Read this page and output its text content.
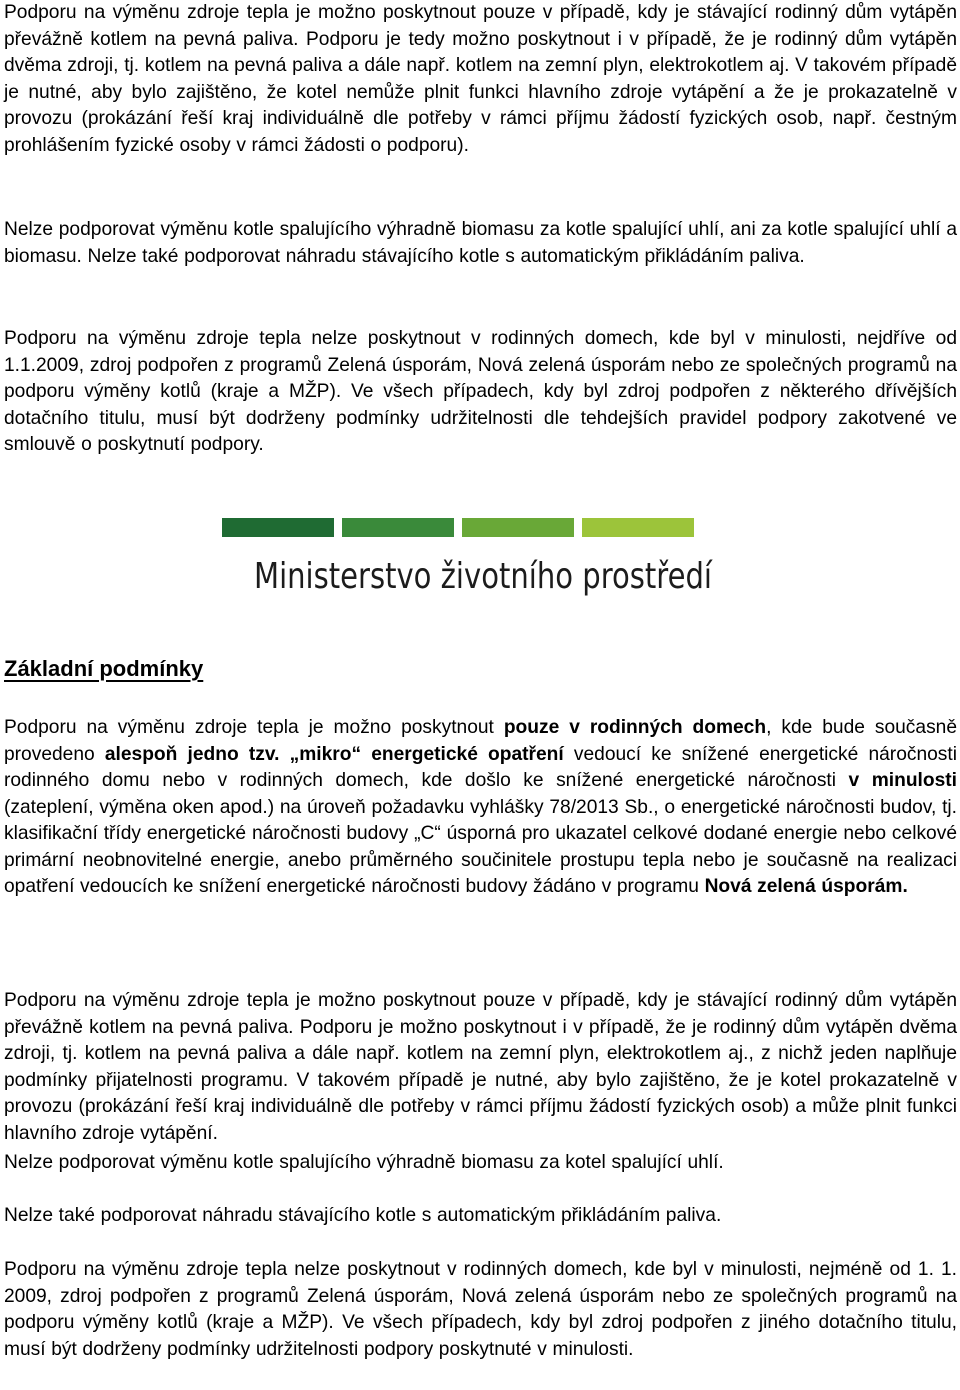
Podporu na výměnu zdroje tepla je možno poskytnout pouze v případě, kdy je stávající rodinný dům vytápěn převážně kotlem na pevná paliva. Podporu je tedy možno poskytnout i v případě, že je rodinný dům vytápěn dvěma zdroji, tj. kotlem na pevná paliva a dále např. kotlem na zemní plyn, elektrokotlem aj. V takovém případě je nutné, aby bylo zajištěno, že kotel nemůže plnit funkci hlavního zdroje vytápění a že je prokazatelně v provozu (prokázání řeší kraj individuálně dle potřeby v rámci příjmu žádostí fyzických osob, např. čestným prohlášením fyzické osoby v rámci žádosti o podporu).

Nelze podporovat výměnu kotle spalujícího výhradně biomasu za kotle spalující uhlí, ani za kotle spalující uhlí a biomasu. Nelze také podporovat náhradu stávajícího kotle s automatickým přikládáním paliva.

Podporu na výměnu zdroje tepla nelze poskytnout v rodinných domech, kde byl v minulosti, nejdříve od 1.1.2009, zdroj podpořen z programů Zelená úsporám, Nová zelená úsporám nebo ze společných programů na podporu výměny kotlů (kraje a MŽP). Ve všech případech, kdy byl zdroj podpořen z některého dřívějších dotačního titulu, musí být dodrženy podmínky udržitelnosti dle tehdejších pravidel podpory zakotvené ve smlouvě o poskytnutí podpory.

Ministerstvo životního prostředí
Základní podmínky

Podporu na výměnu zdroje tepla je možno poskytnout pouze v rodinných domech, kde bude současně provedeno alespoň jedno tzv. „mikro“ energetické opatření vedoucí ke snížené energetické náročnosti rodinného domu nebo v rodinných domech, kde došlo ke snížené energetické náročnosti v minulosti (zateplení, výměna oken apod.) na úroveň požadavku vyhlášky 78/2013 Sb., o energetické náročnosti budov, tj. klasifikační třídy energetické náročnosti budovy „C“ úsporná pro ukazatel celkové dodané energie nebo celkové primární neobnovitelné energie, anebo průměrného součinitele prostupu tepla nebo je současně na realizaci opatření vedoucích ke snížení energetické náročnosti budovy žádáno v programu Nová zelená úsporám.

Podporu na výměnu zdroje tepla je možno poskytnout pouze v případě, kdy je stávající rodinný dům vytápěn převážně kotlem na pevná paliva. Podporu je možno poskytnout i v případě, že je rodinný dům vytápěn dvěma zdroji, tj. kotlem na pevná paliva a dále např. kotlem na zemní plyn, elektrokotlem aj., z nichž jeden naplňuje podmínky přijatelnosti programu. V takovém případě je nutné, aby bylo zajištěno, že je kotel prokazatelně v provozu (prokázání řeší kraj individuálně dle potřeby v rámci příjmu žádostí fyzických osob) a může plnit funkci hlavního zdroje vytápění.

Nelze podporovat výměnu kotle spalujícího výhradně biomasu za kotel spalující uhlí.

Nelze také podporovat náhradu stávajícího kotle s automatickým přikládáním paliva.

Podporu na výměnu zdroje tepla nelze poskytnout v rodinných domech, kde byl v minulosti, nejméně od 1. 1. 2009, zdroj podpořen z programů Zelená úsporám, Nová zelená úsporám nebo ze společných programů na podporu výměny kotlů (kraje a MŽP). Ve všech případech, kdy byl zdroj podpořen z jiného dotačního titulu, musí být dodrženy podmínky udržitelnosti podpory poskytnuté v minulosti.
